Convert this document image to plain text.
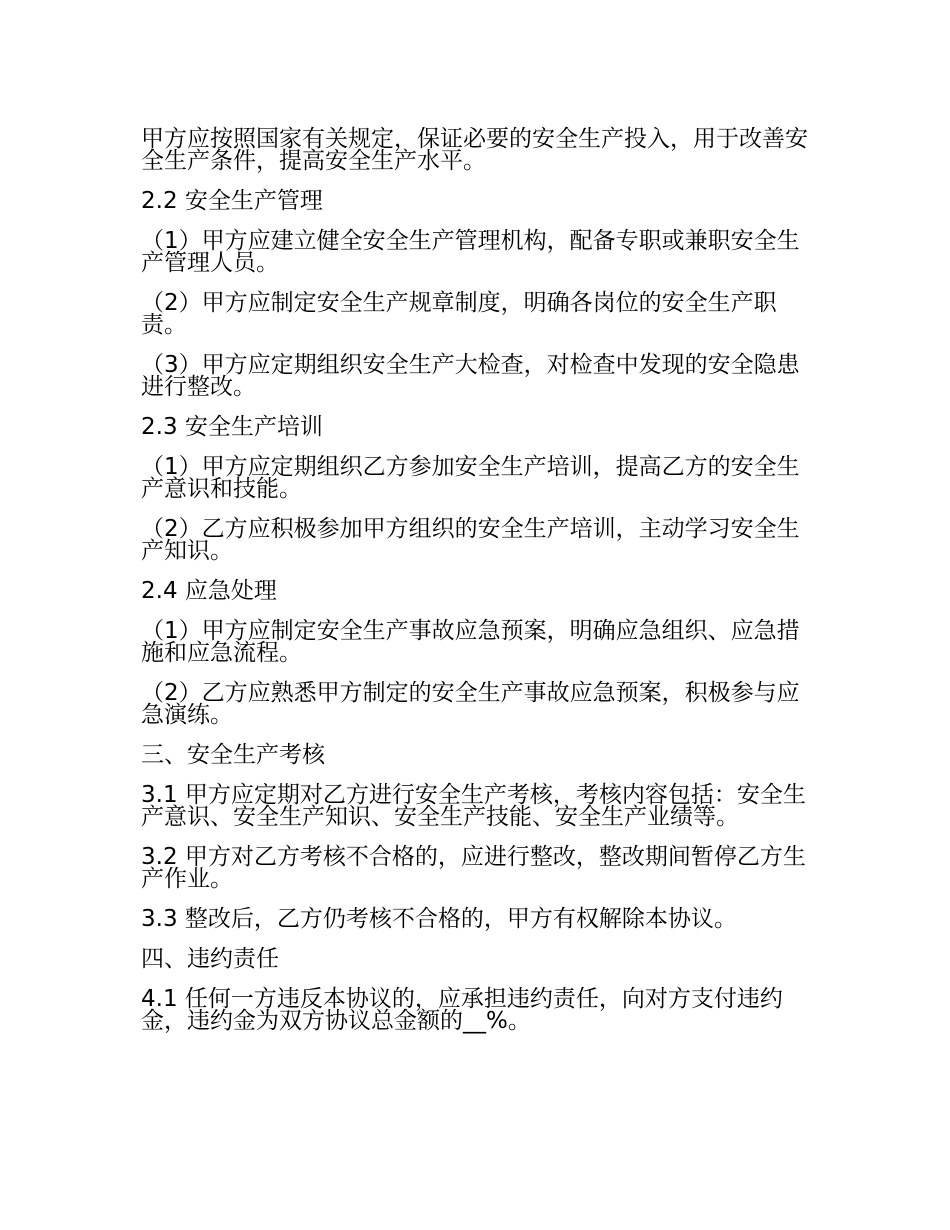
甲方应按照国家有关规定，保证必要的安全生产投入，用于改善安全生产条件，提高安全生产水平。

2.2 安全生产管理

（1）甲方应建立健全安全生产管理机构，配备专职或兼职安全生产管理人员。

（2）甲方应制定安全生产规章制度，明确各岗位的安全生产职责。

（3）甲方应定期组织安全生产大检查，对检查中发现的安全隐患进行整改。

2.3 安全生产培训

（1）甲方应定期组织乙方参加安全生产培训，提高乙方的安全生产意识和技能。

（2）乙方应积极参加甲方组织的安全生产培训，主动学习安全生产知识。

2.4 应急处理

（1）甲方应制定安全生产事故应急预案，明确应急组织、应急措施和应急流程。

（2）乙方应熟悉甲方制定的安全生产事故应急预案，积极参与应急演练。

三、安全生产考核

3.1 甲方应定期对乙方进行安全生产考核，考核内容包括：安全生产意识、安全生产知识、安全生产技能、安全生产业绩等。

3.2 甲方对乙方考核不合格的，应进行整改，整改期间暂停乙方生产作业。

3.3 整改后，乙方仍考核不合格的，甲方有权解除本协议。

四、违约责任

4.1 任何一方违反本协议的，应承担违约责任，向对方支付违约金，违约金为双方协议总金额的__%。
